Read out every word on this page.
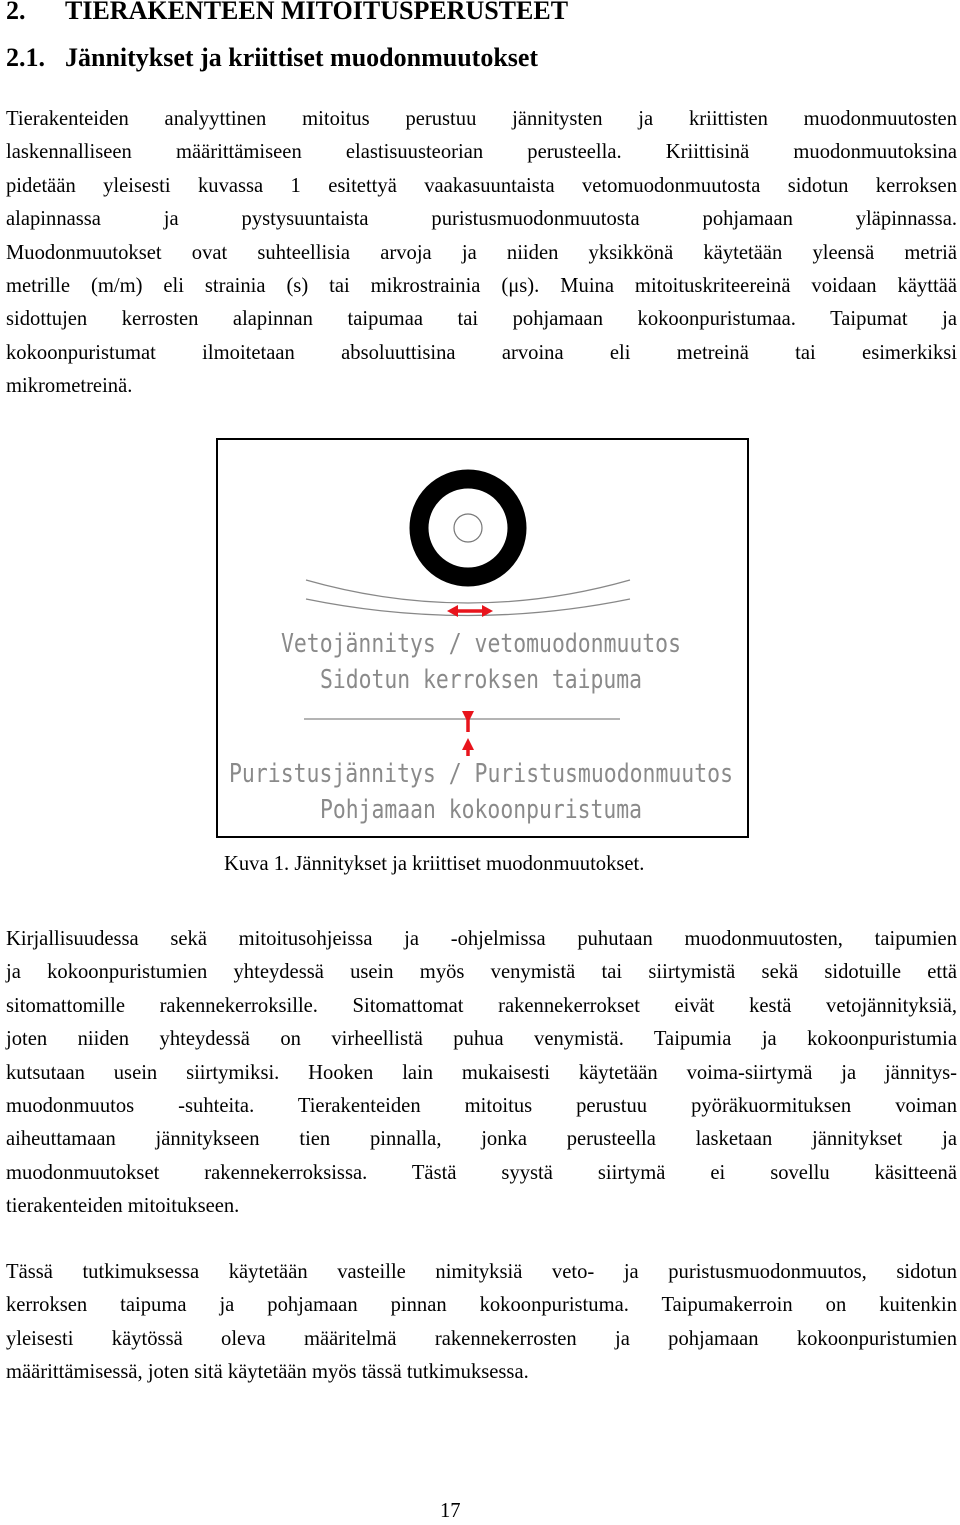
2. TIERAKENTEEN MITOITUSPERUSTEET
2.1. Jännitykset ja kriittiset muodonmuutokset

Tierakenteiden analyyttinen mitoitus perustuu jännitysten ja kriittisten muodonmuutosten
laskennalliseen määrittämiseen elastisuusteorian perusteella. Kriittisinä muodonmuutoksina
pidetään yleisesti kuvassa 1 esitettyä vaakasuuntaista vetomuodonmuutosta sidotun kerroksen
alapinnassa ja pystysuuntaista puristusmuodonmuutosta pohjamaan yläpinnassa.
Muodonmuutokset ovat suhteellisia arvoja ja niiden yksikkönä käytetään yleensä metriä
metrille (m/m) eli strainia (s) tai mikrostrainia (μs). Muina mitoituskriteereinä voidaan käyttää
sidottujen kerrosten alapinnan taipumaa tai pohjamaan kokoonpuristumaa. Taipumat ja
kokoonpuristumat ilmoitetaan absoluuttisina arvoina eli metreinä tai esimerkiksi
mikrometreinä.

Vetojännitys / vetomuodonmuutos
Sidotun kerroksen taipuma
Puristusjännitys / Puristusmuodonmuutos
Pohjamaan kokoonpuristuma

Kuva 1. Jännitykset ja kriittiset muodonmuutokset.

Kirjallisuudessa sekä mitoitusohjeissa ja -ohjelmissa puhutaan muodonmuutosten, taipumien
ja kokoonpuristumien yhteydessä usein myös venymistä tai siirtymistä sekä sidotuille että
sitomattomille rakennekerroksille. Sitomattomat rakennekerrokset eivät kestä vetojännityksiä,
joten niiden yhteydessä on virheellistä puhua venymistä. Taipumia ja kokoonpuristumia
kutsutaan usein siirtymiksi. Hooken lain mukaisesti käytetään voima-siirtymä ja jännitys-
muodonmuutos -suhteita. Tierakenteiden mitoitus perustuu pyöräkuormituksen voiman
aiheuttamaan jännitykseen tien pinnalla, jonka perusteella lasketaan jännitykset ja
muodonmuutokset rakennekerroksissa. Tästä syystä siirtymä ei sovellu käsitteenä
tierakenteiden mitoitukseen.

Tässä tutkimuksessa käytetään vasteille nimityksiä veto- ja puristusmuodonmuutos, sidotun
kerroksen taipuma ja pohjamaan pinnan kokoonpuristuma. Taipumakerroin on kuitenkin
yleisesti käytössä oleva määritelmä rakennekerrosten ja pohjamaan kokoonpuristumien
määrittämisessä, joten sitä käytetään myös tässä tutkimuksessa.

17
